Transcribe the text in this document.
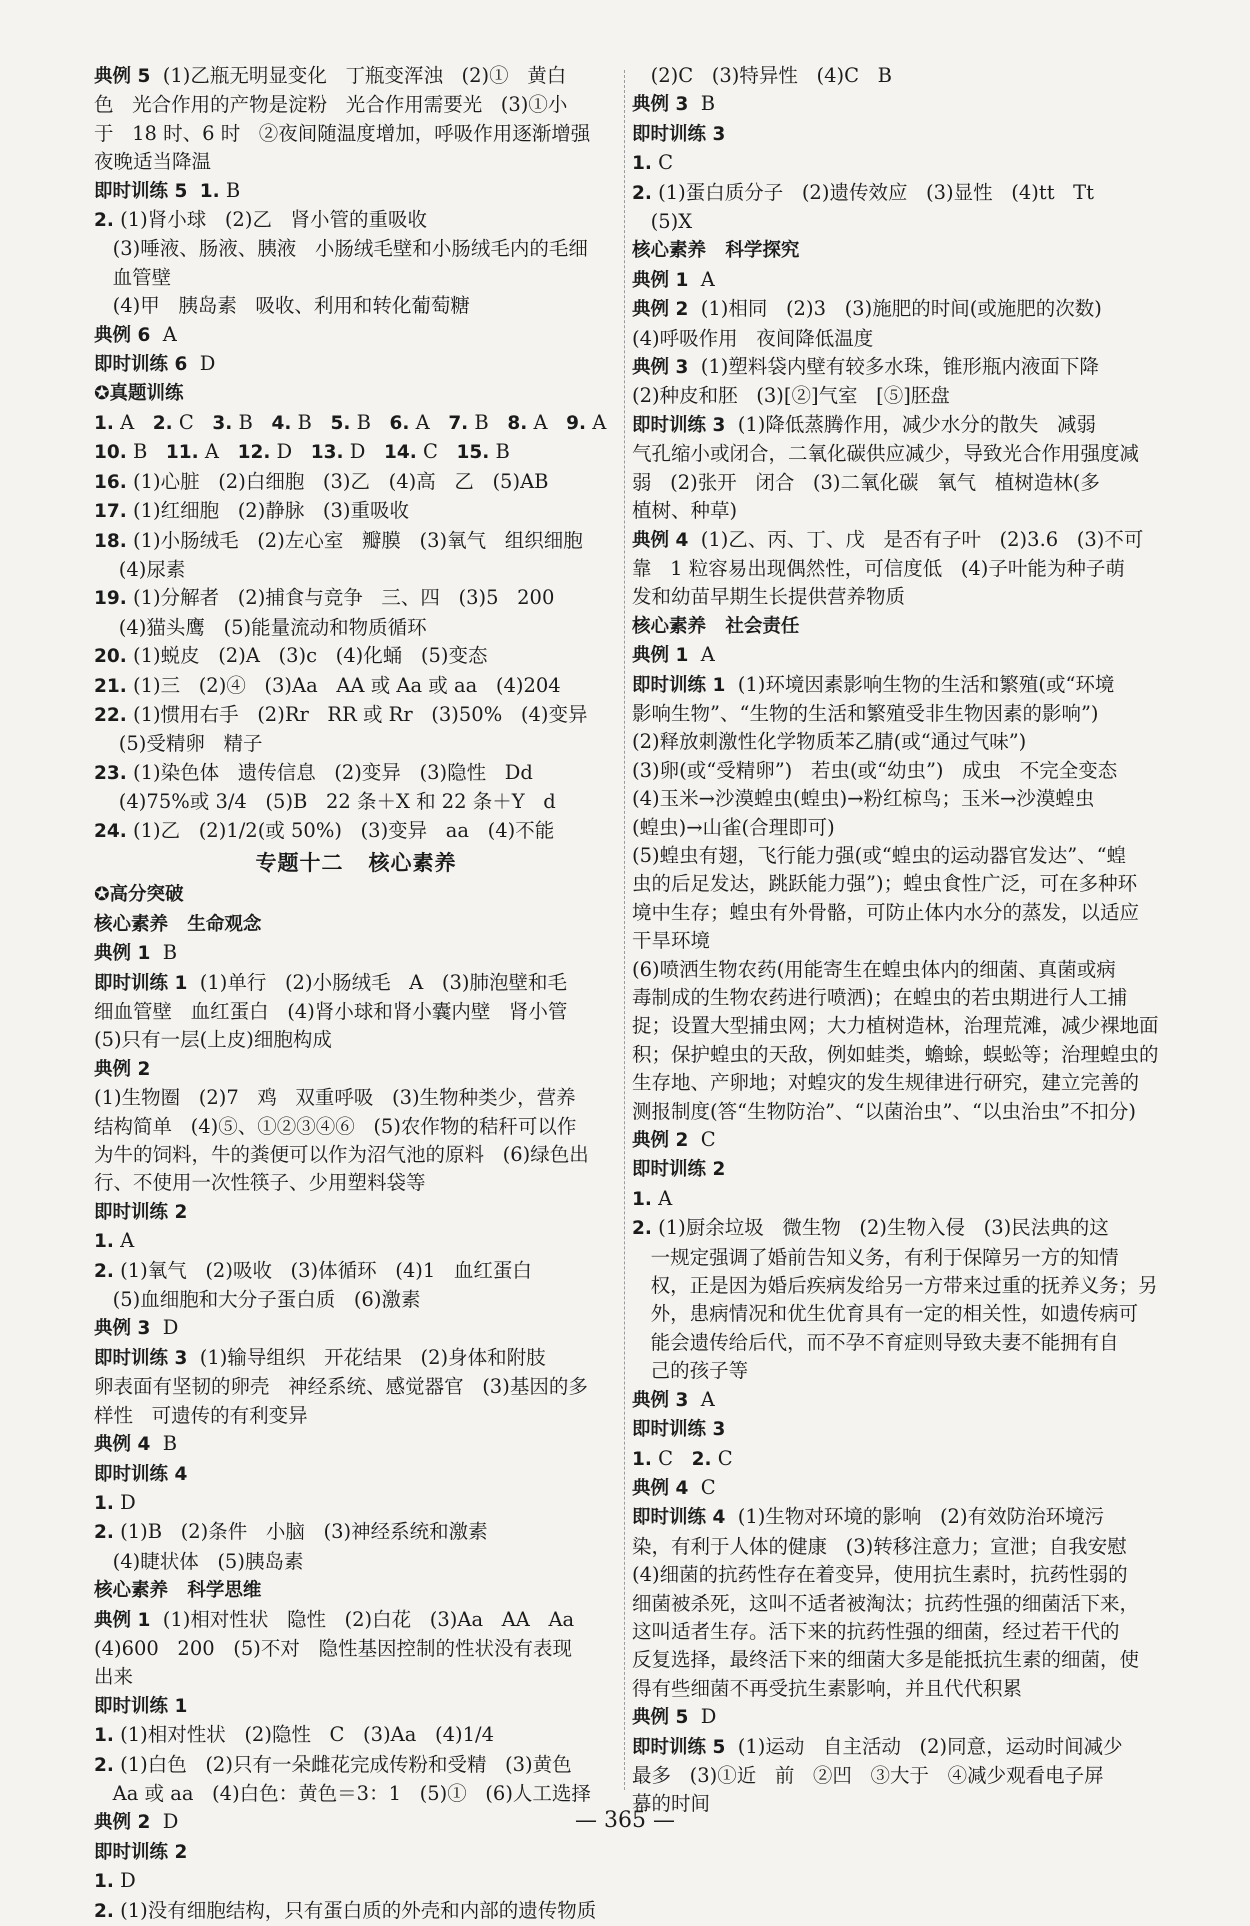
典例 5  (1)乙瓶无明显变化   丁瓶变浑浊   (2)①   黄白
色   光合作用的产物是淀粉   光合作用需要光   (3)①小
于   18 时、6 时   ②夜间随温度增加，呼吸作用逐渐增强
夜晚适当降温
即时训练 5 1. B
2. (1)肾小球   (2)乙   肾小管的重吸收
(3)唾液、肠液、胰液   小肠绒毛壁和小肠绒毛内的毛细
血管壁
(4)甲   胰岛素   吸收、利用和转化葡萄糖
典例 6  A
即时训练 6  D
✪真题训练
1. A   2. C   3. B   4. B   5. B   6. A   7. B   8. A   9. A
10. B   11. A   12. D   13. D   14. C   15. B
16. (1)心脏   (2)白细胞   (3)乙   (4)高   乙   (5)AB
17. (1)红细胞   (2)静脉   (3)重吸收
18. (1)小肠绒毛   (2)左心室   瓣膜   (3)氧气   组织细胞
(4)尿素
19. (1)分解者   (2)捕食与竞争   三、四   (3)5   200
(4)猫头鹰   (5)能量流动和物质循环
20. (1)蜕皮   (2)A   (3)c   (4)化蛹   (5)变态
21. (1)三   (2)④   (3)Aa   AA 或 Aa 或 aa   (4)204
22. (1)惯用右手   (2)Rr   RR 或 Rr   (3)50%   (4)变异
(5)受精卵   精子
23. (1)染色体   遗传信息   (2)变异   (3)隐性   Dd
(4)75%或 3/4   (5)B   22 条＋X 和 22 条＋Y   d
24. (1)乙   (2)1/2(或 50%)   (3)变异   aa   (4)不能
专题十二   核心素养
✪高分突破
核心素养   生命观念
典例 1  B
即时训练 1  (1)单行   (2)小肠绒毛   A   (3)肺泡壁和毛
细血管壁   血红蛋白   (4)肾小球和肾小囊内壁   肾小管
(5)只有一层(上皮)细胞构成
典例 2
(1)生物圈   (2)7   鸡   双重呼吸   (3)生物种类少，营养
结构简单   (4)⑤、①②③④⑥   (5)农作物的秸秆可以作
为牛的饲料，牛的粪便可以作为沼气池的原料   (6)绿色出
行、不使用一次性筷子、少用塑料袋等
即时训练 2
1. A
2. (1)氧气   (2)吸收   (3)体循环   (4)1   血红蛋白
(5)血细胞和大分子蛋白质   (6)激素
典例 3  D
即时训练 3  (1)输导组织   开花结果   (2)身体和附肢
卵表面有坚韧的卵壳   神经系统、感觉器官   (3)基因的多
样性   可遗传的有利变异
典例 4  B
即时训练 4
1. D
2. (1)B   (2)条件   小脑   (3)神经系统和激素
(4)睫状体   (5)胰岛素
核心素养   科学思维
典例 1  (1)相对性状   隐性   (2)白花   (3)Aa   AA   Aa
(4)600   200   (5)不对   隐性基因控制的性状没有表现
出来
即时训练 1
1. (1)相对性状   (2)隐性   C   (3)Aa   (4)1/4
2. (1)白色   (2)只有一朵雌花完成传粉和受精   (3)黄色
Aa 或 aa   (4)白色：黄色＝3：1   (5)①   (6)人工选择
典例 2  D
即时训练 2
1. D
2. (1)没有细胞结构，只有蛋白质的外壳和内部的遗传物质
(2)C   (3)特异性   (4)C   B
典例 3  B
即时训练 3
1. C
2. (1)蛋白质分子   (2)遗传效应   (3)显性   (4)tt   Tt
(5)X
核心素养   科学探究
典例 1  A
典例 2  (1)相同   (2)3   (3)施肥的时间(或施肥的次数)
(4)呼吸作用   夜间降低温度
典例 3  (1)塑料袋内壁有较多水珠，锥形瓶内液面下降
(2)种皮和胚   (3)[②]气室   [⑤]胚盘
即时训练 3  (1)降低蒸腾作用，减少水分的散失   减弱
气孔缩小或闭合，二氧化碳供应减少，导致光合作用强度减
弱   (2)张开   闭合   (3)二氧化碳   氧气   植树造林(多
植树、种草)
典例 4  (1)乙、丙、丁、戊   是否有子叶   (2)3.6   (3)不可
靠   1 粒容易出现偶然性，可信度低   (4)子叶能为种子萌
发和幼苗早期生长提供营养物质
核心素养   社会责任
典例 1  A
即时训练 1  (1)环境因素影响生物的生活和繁殖(或“环境
影响生物”、“生物的生活和繁殖受非生物因素的影响”)
(2)释放刺激性化学物质苯乙腈(或“通过气味”)
(3)卵(或“受精卵”)   若虫(或“幼虫”)   成虫   不完全变态
(4)玉米→沙漠蝗虫(蝗虫)→粉红椋鸟；玉米→沙漠蝗虫
(蝗虫)→山雀(合理即可)
(5)蝗虫有翅，飞行能力强(或“蝗虫的运动器官发达”、“蝗
虫的后足发达，跳跃能力强”)；蝗虫食性广泛，可在多种环
境中生存；蝗虫有外骨骼，可防止体内水分的蒸发，以适应
干旱环境
(6)喷洒生物农药(用能寄生在蝗虫体内的细菌、真菌或病
毒制成的生物农药进行喷洒)；在蝗虫的若虫期进行人工捕
捉；设置大型捕虫网；大力植树造林，治理荒滩，减少裸地面
积；保护蝗虫的天敌，例如蛙类，蟾蜍，蜈蚣等；治理蝗虫的
生存地、产卵地；对蝗灾的发生规律进行研究，建立完善的
测报制度(答“生物防治”、“以菌治虫”、“以虫治虫”不扣分)
典例 2  C
即时训练 2
1. A
2. (1)厨余垃圾   微生物   (2)生物入侵   (3)民法典的这
一规定强调了婚前告知义务，有利于保障另一方的知情
权，正是因为婚后疾病发给另一方带来过重的抚养义务；另
外，患病情况和优生优育具有一定的相关性，如遗传病可
能会遗传给后代，而不孕不育症则导致夫妻不能拥有自
己的孩子等
典例 3  A
即时训练 3
1. C   2. C
典例 4  C
即时训练 4  (1)生物对环境的影响   (2)有效防治环境污
染，有利于人体的健康   (3)转移注意力；宣泄；自我安慰
(4)细菌的抗药性存在着变异，使用抗生素时，抗药性弱的
细菌被杀死，这叫不适者被淘汰；抗药性强的细菌活下来，
这叫适者生存。活下来的抗药性强的细菌，经过若干代的
反复选择，最终活下来的细菌大多是能抵抗生素的细菌，使
得有些细菌不再受抗生素影响，并且代代积累
典例 5  D
即时训练 5  (1)运动   自主活动   (2)同意，运动时间减少
最多   (3)①近   前   ②凹   ③大于   ④减少观看电子屏
幕的时间
— 365 —
